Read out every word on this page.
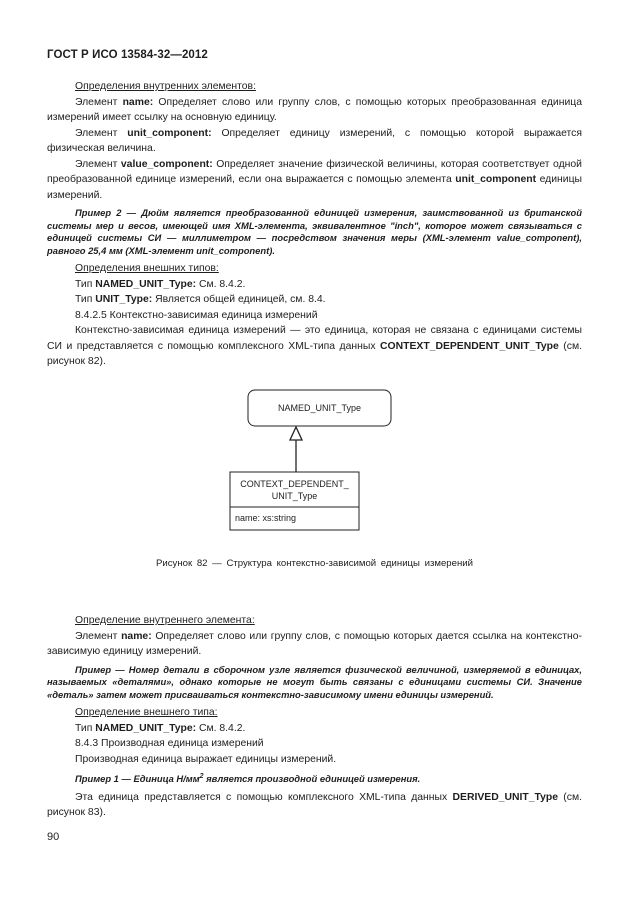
ГОСТ Р ИСО 13584-32—2012

Определения внутренних элементов:

Элемент name: Определяет слово или группу слов, с помощью которых преобразованная единица измерений имеет ссылку на основную единицу.

Элемент unit_component: Определяет единицу измерений, с помощью которой выражается физическая величина.

Элемент value_component: Определяет значение физической величины, которая соответствует одной преобразованной единице измерений, если она выражается с помощью элемента unit_component единицы измерений.

Пример 2 — Дюйм является преобразованной единицей измерения, заимствованной из британской системы мер и весов, имеющей имя XML-элемента, эквивалентное "inch", которое может связываться с единицей системы СИ — миллиметром — посредством значения меры (XML-элемент value_component), равного 25,4 мм (XML-элемент unit_component).

Определения внешних типов:

Тип NAMED_UNIT_Type: См. 8.4.2.

Тип UNIT_Type: Является общей единицей, см. 8.4.

8.4.2.5 Контекстно-зависимая единица измерений

Контекстно-зависимая единица измерений — это единица, которая не связана с единицами системы СИ и представляется с помощью комплексного XML-типа данных CONTEXT_DEPENDENT_UNIT_Type (см. рисунок 82).

NAMED_UNIT_Type
CONTEXT_DEPENDENT_
UNIT_Type
name: xs:string

Рисунок 82 — Структура контекстно-зависимой единицы измерений

Определение внутреннего элемента:

Элемент name: Определяет слово или группу слов, с помощью которых дается ссылка на контекстно-зависимую единицу измерений.

Пример — Номер детали в сборочном узле является физической величиной, измеряемой в единицах, называемых «деталями», однако которые не могут быть связаны с единицами системы СИ. Значение «деталь» затем может присваиваться контекстно-зависимому имени единицы измерений.

Определение внешнего типа:

Тип NAMED_UNIT_Type: См. 8.4.2.

8.4.3 Производная единица измерений

Производная единица выражает единицы измерений.

Пример 1 — Единица $Н/мм^2$ является производной единицей измерения.

Эта единица представляется с помощью комплексного XML-типа данных DERIVED_UNIT_Type (см. рисунок 83).

90
